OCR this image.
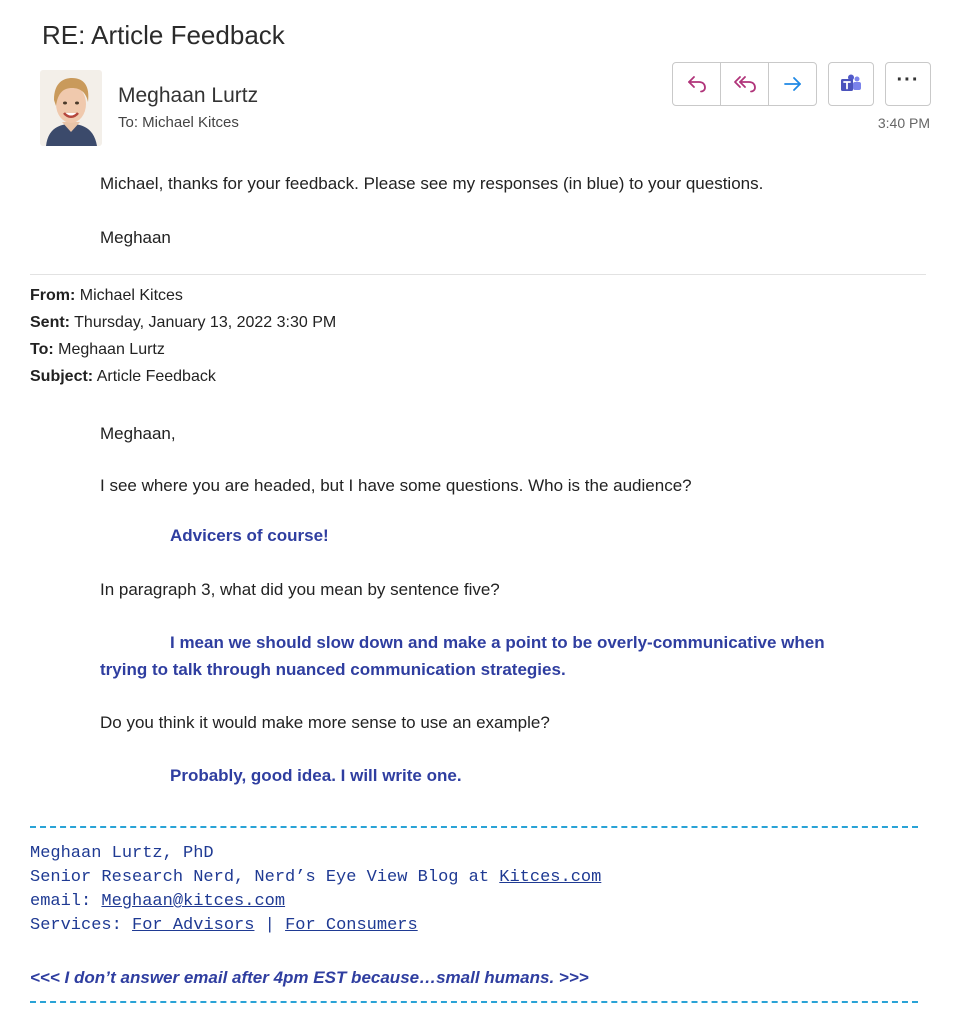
RE: Article Feedback
Meghaan Lurtz
To: Michael Kitces	3:40 PM
···
Michael, thanks for your feedback. Please see my responses (in blue) to your questions.
Meghaan
From: Michael Kitces
Sent: Thursday, January 13, 2022 3:30 PM
To: Meghaan Lurtz
Subject: Article Feedback
Meghaan,
I see where you are headed, but I have some questions. Who is the audience?
Advicers of course!
In paragraph 3, what did you mean by sentence five?
I mean we should slow down and make a point to be overly-communicative when
trying to talk through nuanced communication strategies.
Do you think it would make more sense to use an example?
Probably, good idea. I will write one.
Meghaan Lurtz, PhD
Senior Research Nerd, Nerd’s Eye View Blog at Kitces.com
email: Meghaan@kitces.com
Services: For Advisors | For Consumers
<<< I don’t answer email after 4pm EST because…small humans. >>>
